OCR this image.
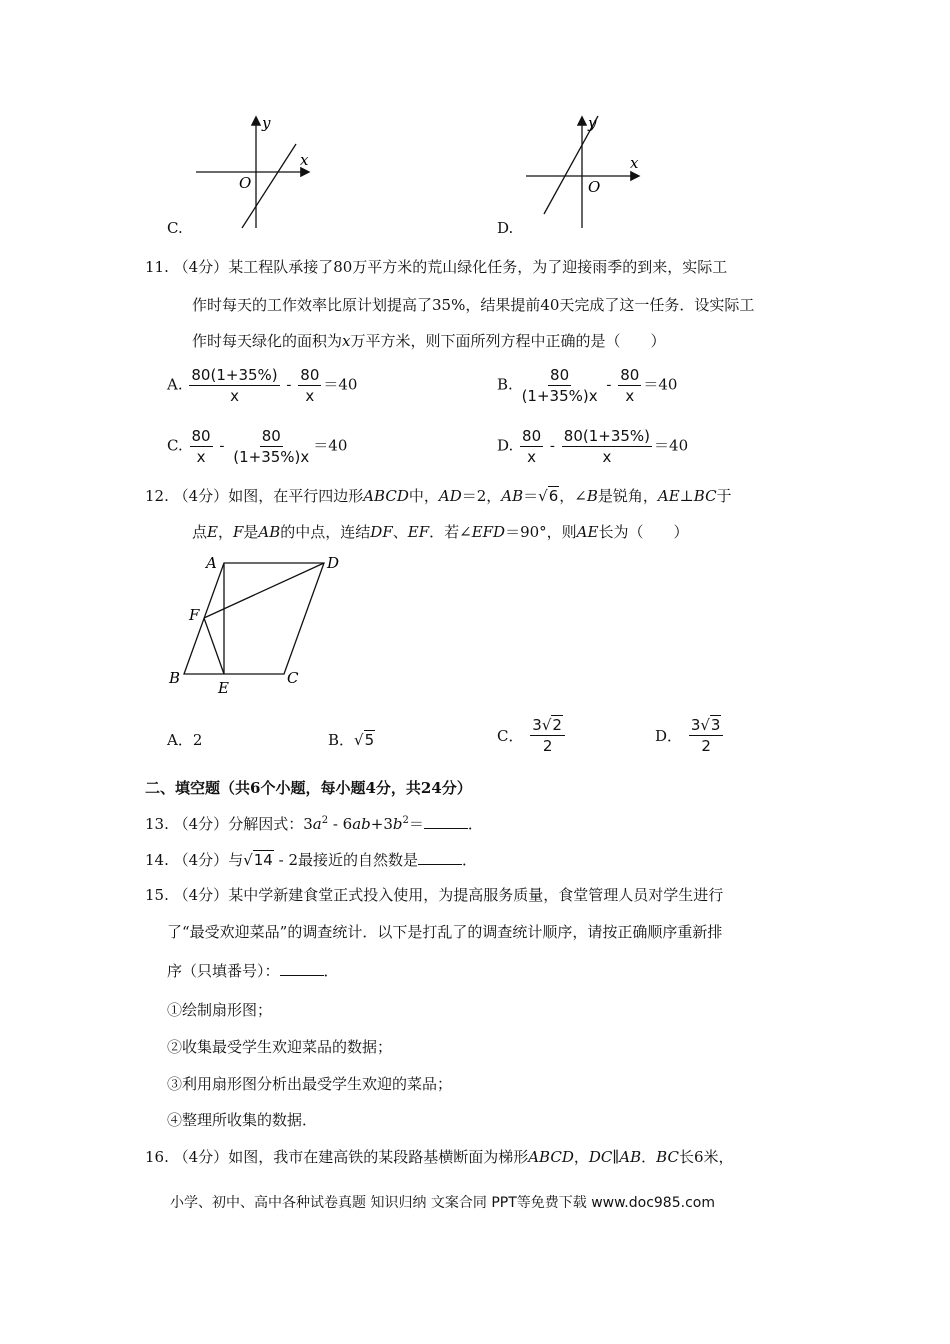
y
x
O
C.
y
x
O
D.
11. （4分）某工程队承接了80万平方米的荒山绿化任务，为了迎接雨季的到来，实际工
作时每天的工作效率比原计划提高了35%，结果提前40天完成了这一任务．设实际工
作时每天绿化的面积为x万平方米，则下面所列方程中正确的是（　　）
A. $\frac{80(1+35\%)}{x} - \frac{80}{x} =40$	B. $\frac{80}{(1+35\%)x} - \frac{80}{x} =40$
C. $\frac{80}{x} - \frac{80}{(1+35\%)x} =40$	D. $\frac{80}{x} - \frac{80(1+35\%)}{x} =40$
12. （4分）如图，在平行四边形ABCD中，AD＝2，AB＝√6，∠B是锐角，AE⊥BC于
点E，F是AB的中点，连结DF、EF．若∠EFD＝90°，则AE长为（　　）
A	D
F
B
E
C
A．2	B．√5	C． $\frac{3√2}{2}$	D． $\frac{3√3}{2}$
二、填空题（共6个小题，每小题4分，共24分）
13. （4分）分解因式：$3a^2 - 6ab+3b^2=$	．
14. （4分）与√14 - 2最接近的自然数是	．
15. （4分）某中学新建食堂正式投入使用，为提高服务质量，食堂管理人员对学生进行
了“最受欢迎菜品”的调查统计．以下是打乱了的调查统计顺序，请按正确顺序重新排
序（只填番号）：	．
①绘制扇形图；
②收集最受学生欢迎菜品的数据；
③利用扇形图分析出最受学生欢迎的菜品；
④整理所收集的数据．
16. （4分）如图，我市在建高铁的某段路基横断面为梯形ABCD，DC∥AB．BC长6米，
小学、初中、高中各种试卷真题 知识归纳 文案合同 PPT等免费下载 www.doc985.com
